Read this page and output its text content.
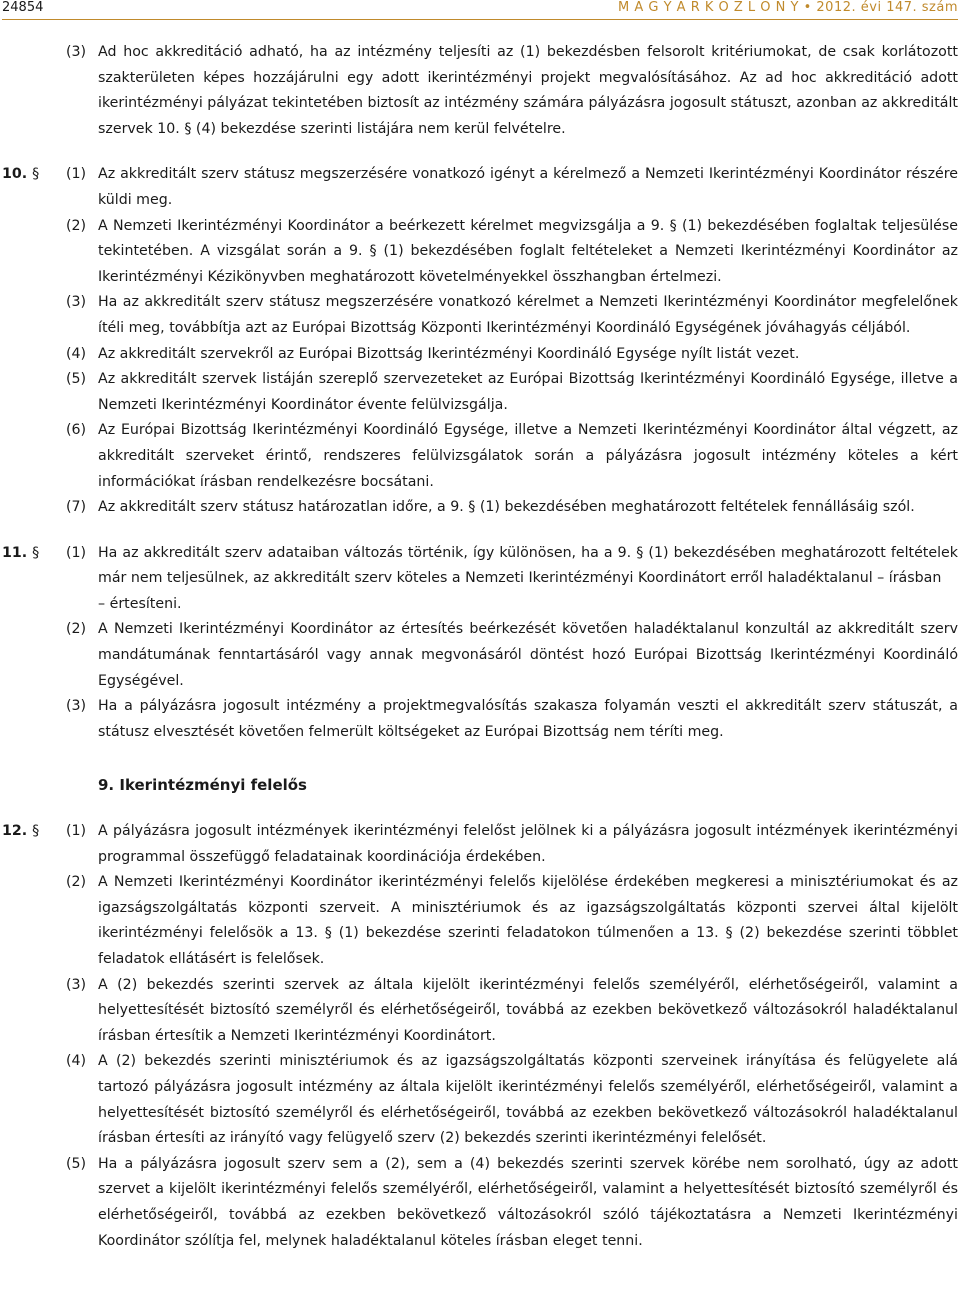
24854	M A G Y A R K Ö Z L Ö N Y • 2012. évi 147. szám
(3) Ad hoc akkreditáció adható, ha az intézmény teljesíti az (1) bekezdésben felsorolt kritériumokat, de csak korlátozott szakterületen képes hozzájárulni egy adott ikerintézményi projekt megvalósításához. Az ad hoc akkreditáció adott ikerintézményi pályázat tekintetében biztosít az intézmény számára pályázásra jogosult státuszt, azonban az akkreditált szervek 10. § (4) bekezdése szerinti listájára nem kerül felvételre.
10. § (1) Az akkreditált szerv státusz megszerzésére vonatkozó igényt a kérelmező a Nemzeti Ikerintézményi Koordinátor részére küldi meg.
(2) A Nemzeti Ikerintézményi Koordinátor a beérkezett kérelmet megvizsgálja a 9. § (1) bekezdésében foglaltak teljesülése tekintetében. A vizsgálat során a 9. § (1) bekezdésében foglalt feltételeket a Nemzeti Ikerintézményi Koordinátor az Ikerintézményi Kézikönyvben meghatározott követelményekkel összhangban értelmezi.
(3) Ha az akkreditált szerv státusz megszerzésére vonatkozó kérelmet a Nemzeti Ikerintézményi Koordinátor megfelelőnek ítéli meg, továbbítja azt az Európai Bizottság Központi Ikerintézményi Koordináló Egységének jóváhagyás céljából.
(4) Az akkreditált szervekről az Európai Bizottság Ikerintézményi Koordináló Egysége nyílt listát vezet.
(5) Az akkreditált szervek listáján szereplő szervezeteket az Európai Bizottság Ikerintézményi Koordináló Egysége, illetve a Nemzeti Ikerintézményi Koordinátor évente felülvizsgálja.
(6) Az Európai Bizottság Ikerintézményi Koordináló Egysége, illetve a Nemzeti Ikerintézményi Koordinátor által végzett, az akkreditált szerveket érintő, rendszeres felülvizsgálatok során a pályázásra jogosult intézmény köteles a kért információkat írásban rendelkezésre bocsátani.
(7) Az akkreditált szerv státusz határozatlan időre, a 9. § (1) bekezdésében meghatározott feltételek fennállásáig szól.
11. § (1) Ha az akkreditált szerv adataiban változás történik, így különösen, ha a 9. § (1) bekezdésében meghatározott feltételek már nem teljesülnek, az akkreditált szerv köteles a Nemzeti Ikerintézményi Koordinátort erről haladéktalanul – írásban
– értesíteni.
(2) A Nemzeti Ikerintézményi Koordinátor az értesítés beérkezését követően haladéktalanul konzultál az akkreditált szerv mandátumának fenntartásáról vagy annak megvonásáról döntést hozó Európai Bizottság Ikerintézményi Koordináló Egységével.
(3) Ha a pályázásra jogosult intézmény a projektmegvalósítás szakasza folyamán veszti el akkreditált szerv státuszát, a státusz elvesztését követően felmerült költségeket az Európai Bizottság nem téríti meg.
9. Ikerintézményi felelős
12. § (1) A pályázásra jogosult intézmények ikerintézményi felelőst jelölnek ki a pályázásra jogosult intézmények ikerintézményi programmal összefüggő feladatainak koordinációja érdekében.
(2) A Nemzeti Ikerintézményi Koordinátor ikerintézményi felelős kijelölése érdekében megkeresi a minisztériumokat és az igazságszolgáltatás központi szerveit. A minisztériumok és az igazságszolgáltatás központi szervei által kijelölt ikerintézményi felelősök a 13. § (1) bekezdése szerinti feladatokon túlmenően a 13. § (2) bekezdése szerinti többlet feladatok ellátásért is felelősek.
(3) A (2) bekezdés szerinti szervek az általa kijelölt ikerintézményi felelős személyéről, elérhetőségeiről, valamint a helyettesítését biztosító személyről és elérhetőségeiről, továbbá az ezekben bekövetkező változásokról haladéktalanul írásban értesítik a Nemzeti Ikerintézményi Koordinátort.
(4) A (2) bekezdés szerinti minisztériumok és az igazságszolgáltatás központi szerveinek irányítása és felügyelete alá tartozó pályázásra jogosult intézmény az általa kijelölt ikerintézményi felelős személyéről, elérhetőségeiről, valamint a helyettesítését biztosító személyről és elérhetőségeiről, továbbá az ezekben bekövetkező változásokról haladéktalanul írásban értesíti az irányító vagy felügyelő szerv (2) bekezdés szerinti ikerintézményi felelősét.
(5) Ha a pályázásra jogosult szerv sem a (2), sem a (4) bekezdés szerinti szervek körébe nem sorolható, úgy az adott szervet a kijelölt ikerintézményi felelős személyéről, elérhetőségeiről, valamint a helyettesítését biztosító személyről és elérhetőségeiről, továbbá az ezekben bekövetkező változásokról szóló tájékoztatásra a Nemzeti Ikerintézményi Koordinátor szólítja fel, melynek haladéktalanul köteles írásban eleget tenni.
